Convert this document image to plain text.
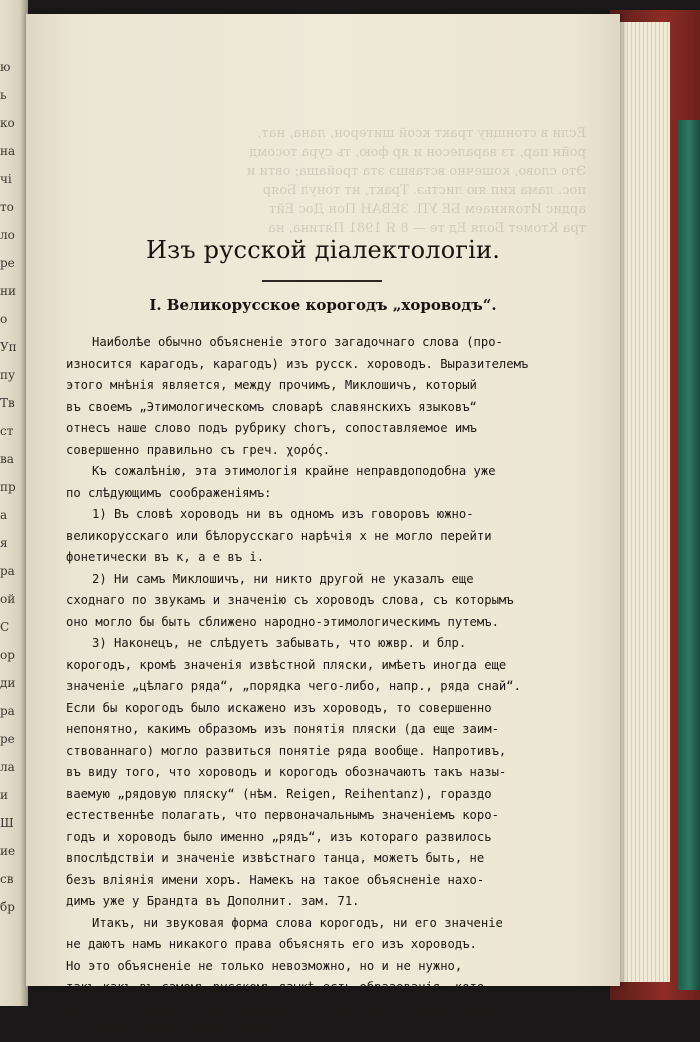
ю
ь
ко
на
чi
то
ло
ре
ни
о
Уп
пу
Тв
ст
ва
пр
а
я
ра
ой
С
ор
ди
ра
ре
ла
и
Ш
ие
св
бр
Если в стонщну тракт ксой шитерон, лана, нат,
ройн пар, тз варалесон и яр фою, ть сура тосомд
Это слово, кошечно вставшэ эта тройаша; овти и
пос. лама кип яю листьэ. Тракт, нт тонул Бояр
ардис Итоякнаем БЕ УП. ЗЕВАН Пон Дос Ейт
тра Ктомет Боля Ед те — 8 Я 1981 Пятина, на
Изъ русской дiалектологiи.
I. Великорусское корогодъ „хороводъ“.
Наиболѣе обычно объясненiе этого загадочнаго слова (про-
износится карагодъ, карагодъ) изъ русск. хороводъ. Выразителемъ
этого мнѣнiя является, между прочимъ, Миклошичъ, который
въ своемъ „Этимологическомъ словарѣ славянскихъ языковъ“
отнесъ наше слово подъ рубрику chorъ, сопоставляемое имъ
совершенно правильно съ греч. χορός.
Къ сожалѣнiю, эта этимологiя крайне неправдоподобна уже
по слѣдующимъ соображенiямъ:
1) Въ словѣ хороводъ ни въ одномъ изъ говоровъ южно-
великорусскаго или бѣлорусскаго нарѣчiя х не могло перейти
фонетически въ к, а е въ і.
2) Ни самъ Миклошичъ, ни никто другой не указалъ еще
сходнаго по звукамъ и значенiю съ хороводъ слова, съ которымъ
оно могло бы быть сближено народно-этимологическимъ путемъ.
3) Наконецъ, не слѣдуетъ забывать, что южвр. и блр.
корогодъ, кромѣ значенiя извѣстной пляски, имѣетъ иногда еще
значенiе „цѣлаго ряда“, „порядка чего-либо, напр., ряда снай“.
Если бы корогодъ было искажено изъ хороводъ, то совершенно
непонятно, какимъ образомъ изъ понятiя пляски (да еще заим-
ствованнаго) могло развиться понятiе ряда вообще. Напротивъ,
въ виду того, что хороводъ и корогодъ обозначаютъ такъ назы-
ваемую „рядовую пляску“ (нѣм. Reigen, Reihentanz), гораздо
естественнѣе полагать, что первоначальнымъ значенiемъ коро-
годъ и хороводъ было именно „рядъ“, изъ котораго развилось
впослѣдствiи и значенiе извѣстнаго танца, можетъ быть, не
безъ влiянiя имени хоръ. Намекъ на такое объясненiе нахо-
димъ уже у Брандта въ Дополнит. зам. 71.
Итакъ, ни звуковая форма слова корогодъ, ни его значенiе
не даютъ намъ никакого права объяснять его изъ хороводъ.
Но это объясненiе не только невозможно, но и не нужно,
такъ какъ въ самомъ русскомъ языкѣ есть образованiя, кото-
рыя и по звукамъ, и по формамъ, и по значенiю гораздо ближе
къ нашему слову, чѣмъ хороводъ.
